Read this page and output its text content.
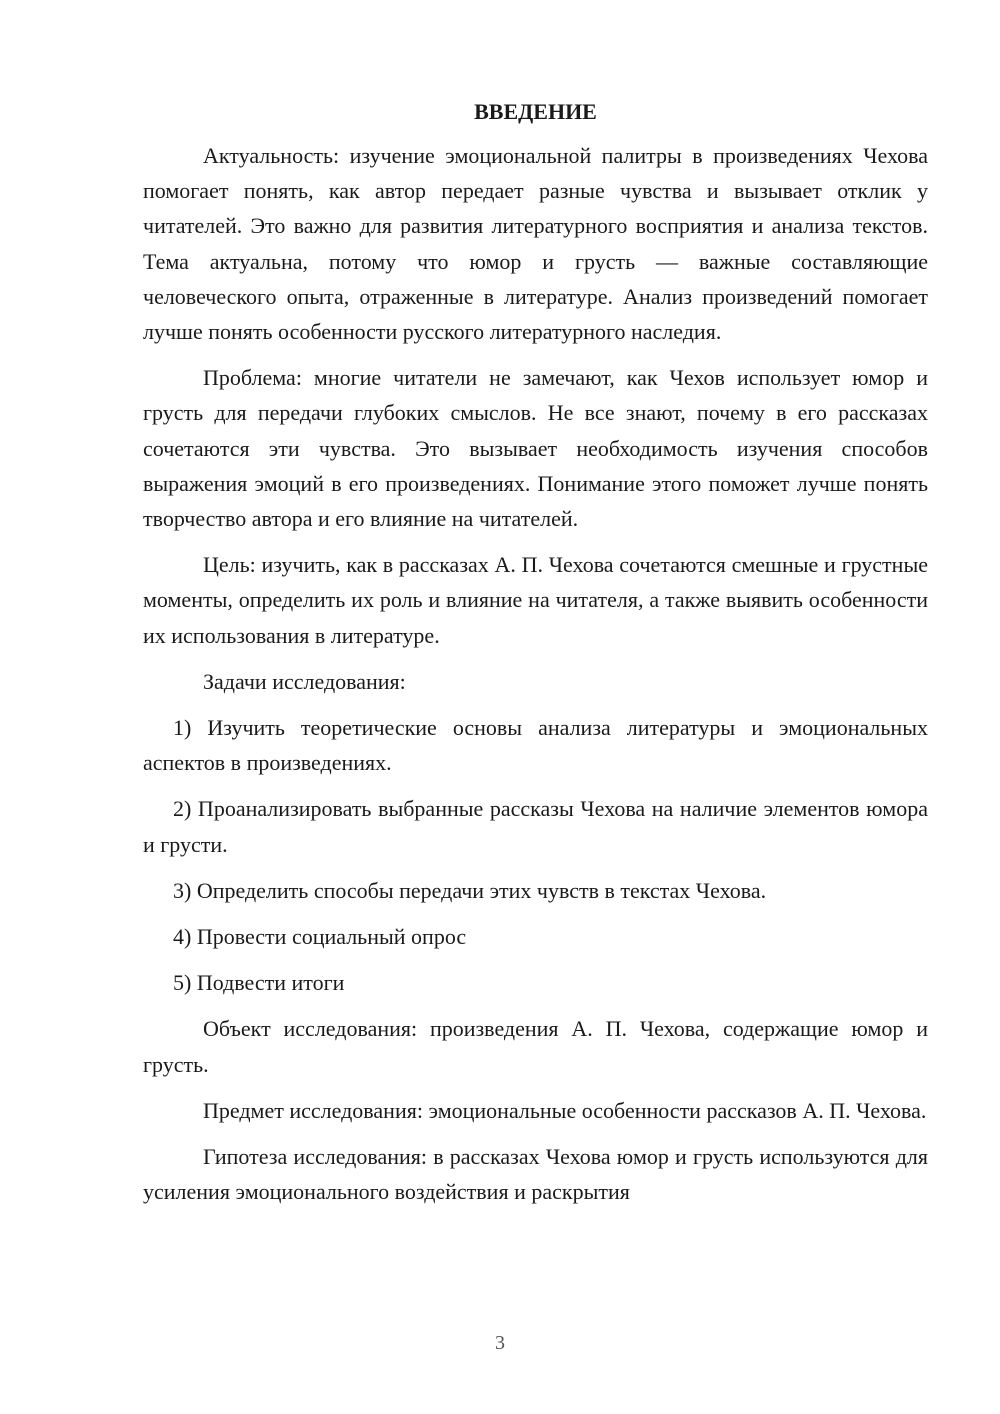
ВВЕДЕНИЕ

Актуальность: изучение эмоциональной палитры в произведениях Чехова помогает понять, как автор передает разные чувства и вызывает отклик у читателей. Это важно для развития литературного восприятия и анализа текстов. Тема актуальна, потому что юмор и грусть — важные составляющие человеческого опыта, отраженные в литературе. Анализ произведений помогает лучше понять особенности русского литературного наследия.

Проблема: многие читатели не замечают, как Чехов использует юмор и грусть для передачи глубоких смыслов. Не все знают, почему в его рассказах сочетаются эти чувства. Это вызывает необходимость изучения способов выражения эмоций в его произведениях. Понимание этого поможет лучше понять творчество автора и его влияние на читателей.

Цель: изучить, как в рассказах А. П. Чехова сочетаются смешные и грустные моменты, определить их роль и влияние на читателя, а также выявить особенности их использования в литературе.

Задачи исследования:

1) Изучить теоретические основы анализа литературы и эмоциональных аспектов в произведениях.

2) Проанализировать выбранные рассказы Чехова на наличие элементов юмора и грусти.

3) Определить способы передачи этих чувств в текстах Чехова.

4) Провести социальный опрос

5) Подвести итоги

Объект исследования: произведения А. П. Чехова, содержащие юмор и грусть.

Предмет исследования: эмоциональные особенности рассказов А. П. Чехова.

Гипотеза исследования: в рассказах Чехова юмор и грусть используются для усиления эмоционального воздействия и раскрытия

3
